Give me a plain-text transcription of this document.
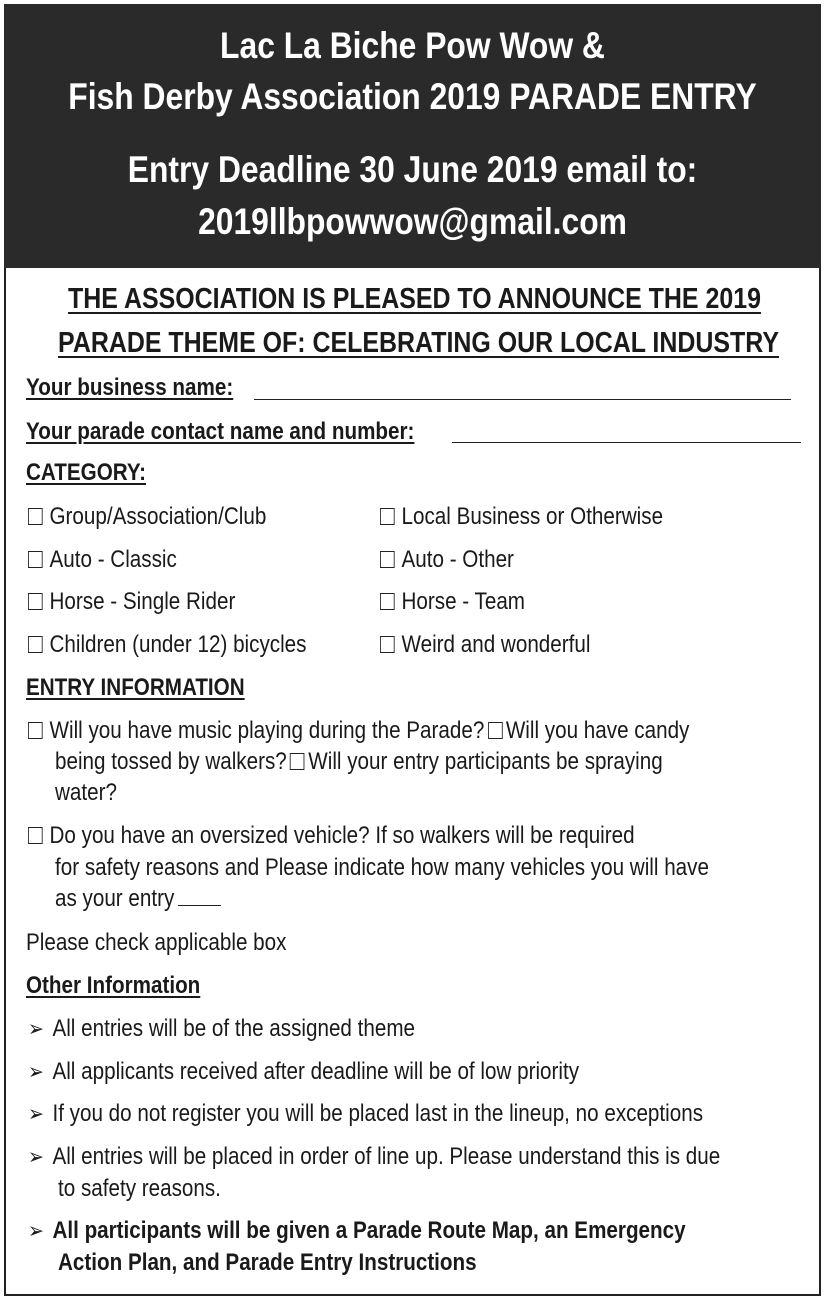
Lac La Biche Pow Wow &
Fish Derby Association 2019 PARADE ENTRY
Entry Deadline 30 June 2019 email to:
2019llbpowwow@gmail.com
THE ASSOCIATION IS PLEASED TO ANNOUNCE THE 2019
PARADE THEME OF: CELEBRATING OUR LOCAL INDUSTRY
Your business name:
Your parade contact name and number:
CATEGORY:
Group/Association/Club	Local Business or Otherwise
Auto - Classic	Auto - Other
Horse - Single Rider	Horse - Team
Children (under 12) bicycles	Weird and wonderful
ENTRY INFORMATION
Will you have music playing during the Parade? Will you have candy
being tossed by walkers? Will your entry participants be spraying
water?
Do you have an oversized vehicle? If so walkers will be required
for safety reasons and Please indicate how many vehicles you will have
as your entry
Please check applicable box
Other Information
➢ All entries will be of the assigned theme
➢ All applicants received after deadline will be of low priority
➢ If you do not register you will be placed last in the lineup, no exceptions
➢ All entries will be placed in order of line up. Please understand this is due
to safety reasons.
➢ All participants will be given a Parade Route Map, an Emergency
Action Plan, and Parade Entry Instructions
